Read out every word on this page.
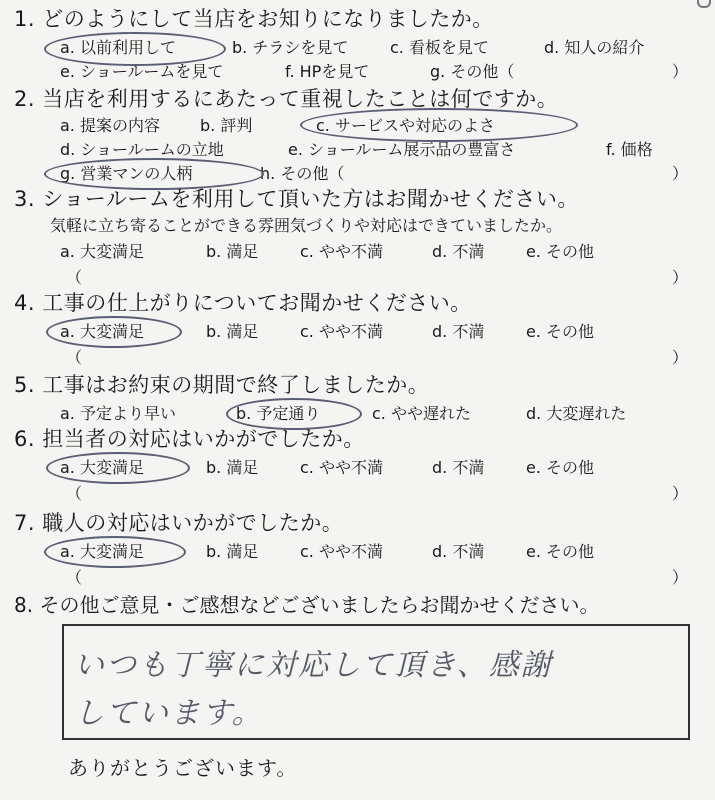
1. どのようにして当店をお知りになりましたか。
a. 以前利用して	b. チラシを見て	c. 看板を見て	d. 知人の紹介
e. ショールームを見て	f. HPを見て	g. その他（	）
2. 当店を利用するにあたって重視したことは何ですか。
a. 提案の内容	b. 評判	c. サービスや対応のよさ
d. ショールームの立地	e. ショールーム展示品の豊富さ	f. 価格
g. 営業マンの人柄	h. その他（	）
3. ショールームを利用して頂いた方はお聞かせください。
気軽に立ち寄ることができる雰囲気づくりや対応はできていましたか。
a. 大変満足	b. 満足	c. やや不満	d. 不満	e. その他
（	）
4. 工事の仕上がりについてお聞かせください。
a. 大変満足	b. 満足	c. やや不満	d. 不満	e. その他
（	）
5. 工事はお約束の期間で終了しましたか。
a. 予定より早い	b. 予定通り	c. やや遅れた	d. 大変遅れた
6. 担当者の対応はいかがでしたか。
a. 大変満足	b. 満足	c. やや不満	d. 不満	e. その他
（	）
7. 職人の対応はいかがでしたか。
a. 大変満足	b. 満足	c. やや不満	d. 不満	e. その他
（	）
8. その他ご意見・ご感想などございましたらお聞かせください。
いつも丁寧に対応して頂き、感謝
しています。
ありがとうございます。
